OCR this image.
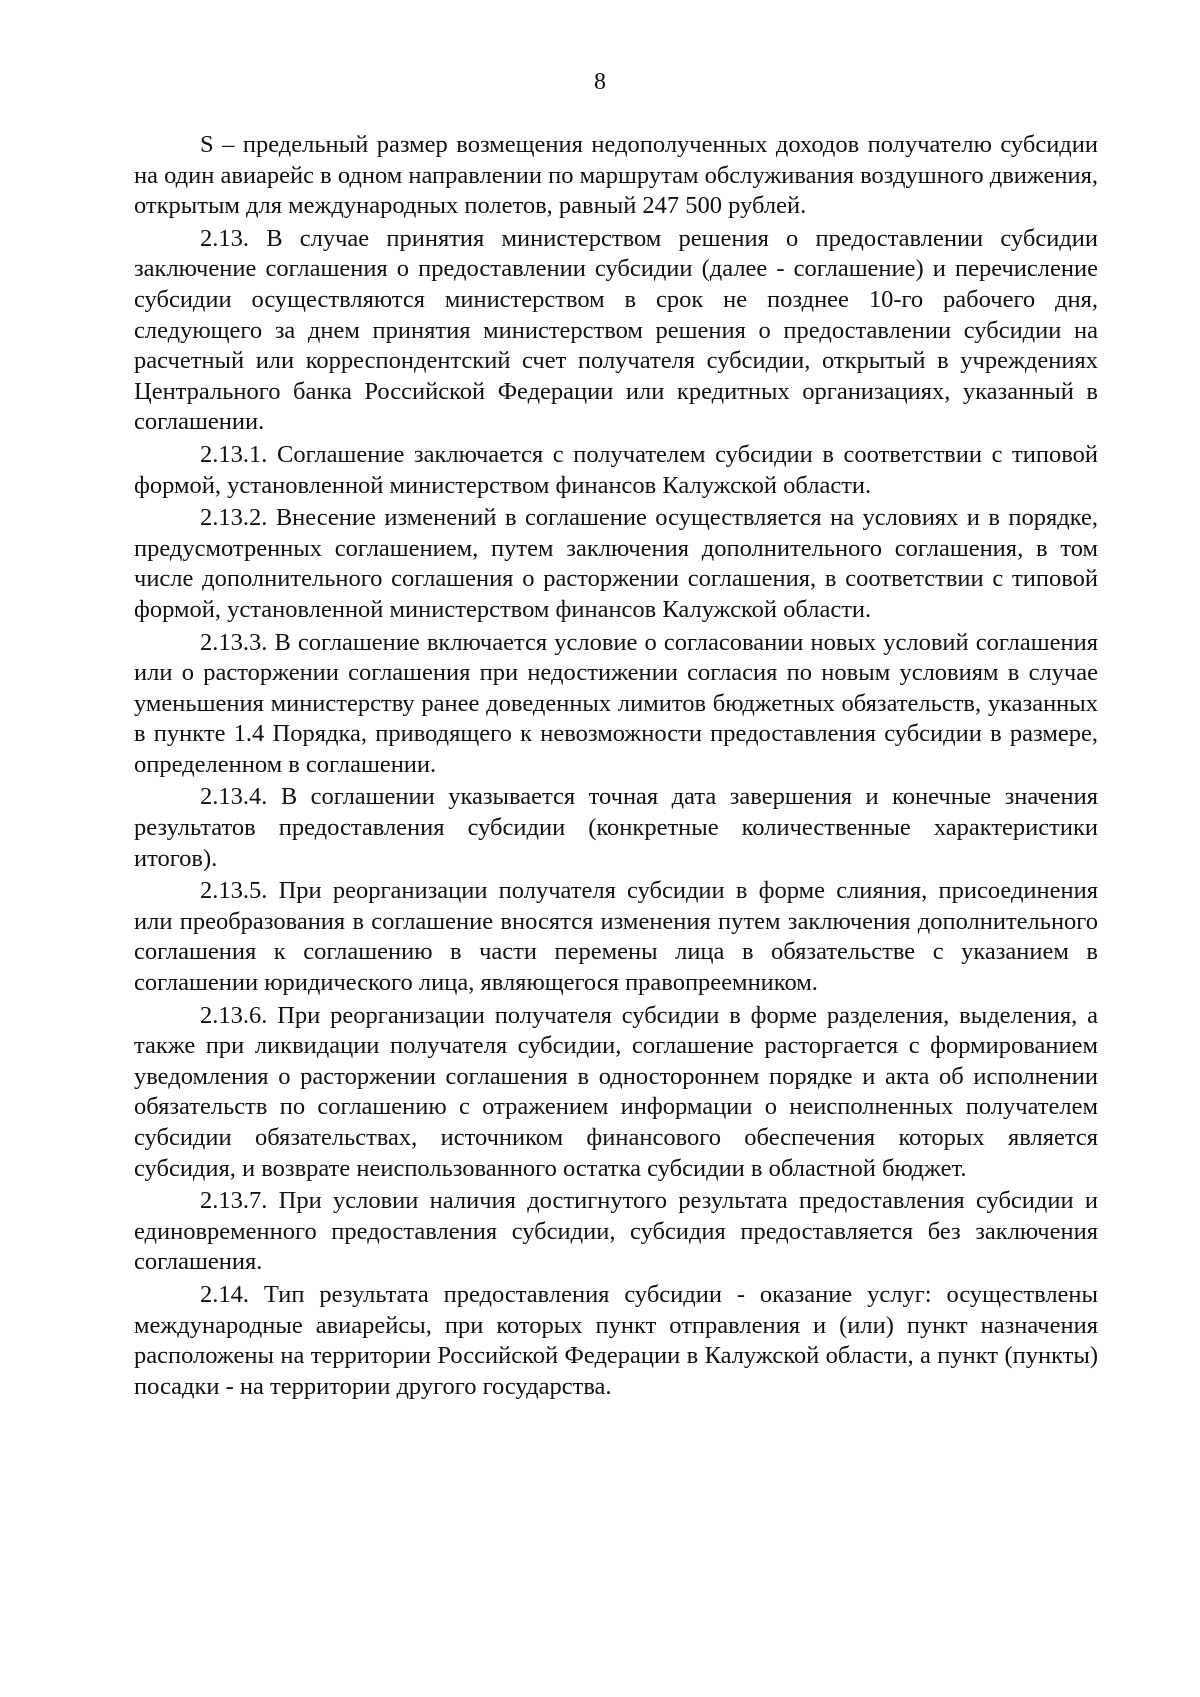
8

S – предельный размер возмещения недополученных доходов получателю субсидии на один авиарейс в одном направлении по маршрутам обслуживания воздушного движения, открытым для международных полетов, равный 247 500 рублей.

2.13. В случае принятия министерством решения о предоставлении субсидии заключение соглашения о предоставлении субсидии (далее - соглашение) и перечисление субсидии осуществляются министерством в срок не позднее 10-го рабочего дня, следующего за днем принятия министерством решения о предоставлении субсидии на расчетный или корреспондентский счет получателя субсидии, открытый в учреждениях Центрального банка Российской Федерации или кредитных организациях, указанный в соглашении.

2.13.1. Соглашение заключается с получателем субсидии в соответствии с типовой формой, установленной министерством финансов Калужской области.

2.13.2. Внесение изменений в соглашение осуществляется на условиях и в порядке, предусмотренных соглашением, путем заключения дополнительного соглашения, в том числе дополнительного соглашения о расторжении соглашения, в соответствии с типовой формой, установленной министерством финансов Калужской области.

2.13.3. В соглашение включается условие о согласовании новых условий соглашения или о расторжении соглашения при недостижении согласия по новым условиям в случае уменьшения министерству ранее доведенных лимитов бюджетных обязательств, указанных в пункте 1.4 Порядка, приводящего к невозможности предоставления субсидии в размере, определенном в соглашении.

2.13.4. В соглашении указывается точная дата завершения и конечные значения результатов предоставления субсидии (конкретные количественные характеристики итогов).

2.13.5. При реорганизации получателя субсидии в форме слияния, присоединения или преобразования в соглашение вносятся изменения путем заключения дополнительного соглашения к соглашению в части перемены лица в обязательстве с указанием в соглашении юридического лица, являющегося правопреемником.

2.13.6. При реорганизации получателя субсидии в форме разделения, выделения, а также при ликвидации получателя субсидии, соглашение расторгается с формированием уведомления о расторжении соглашения в одностороннем порядке и акта об исполнении обязательств по соглашению с отражением информации о неисполненных получателем субсидии обязательствах, источником финансового обеспечения которых является субсидия, и возврате неиспользованного остатка субсидии в областной бюджет.

2.13.7. При условии наличия достигнутого результата предоставления субсидии и единовременного предоставления субсидии, субсидия предоставляется без заключения соглашения.

2.14. Тип результата предоставления субсидии - оказание услуг: осуществлены международные авиарейсы, при которых пункт отправления и (или) пункт назначения расположены на территории Российской Федерации в Калужской области, а пункт (пункты) посадки - на территории другого государства.
